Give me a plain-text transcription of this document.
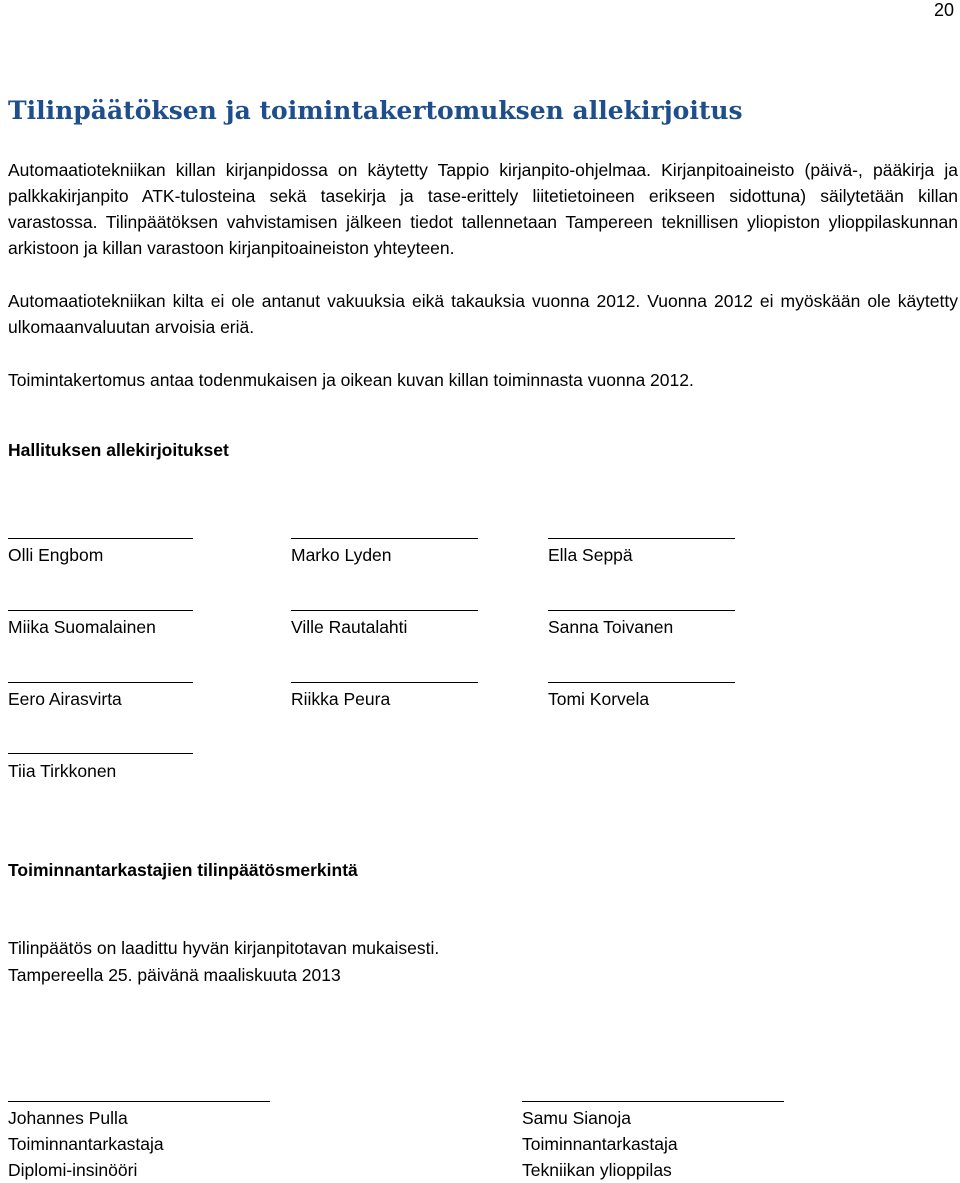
20
Tilinpäätöksen ja toimintakertomuksen allekirjoitus
Automaatiotekniikan killan kirjanpidossa on käytetty Tappio kirjanpito-ohjelmaa. Kirjanpitoaineisto (päivä-, pääkirja ja palkkakirjanpito ATK-tulosteina sekä tasekirja ja tase-erittely liitetietoineen erikseen sidottuna) säilytetään killan varastossa. Tilinpäätöksen vahvistamisen jälkeen tiedot tallennetaan Tampereen teknillisen yliopiston ylioppilaskunnan arkistoon ja killan varastoon kirjanpitoaineiston yhteyteen.
Automaatiotekniikan kilta ei ole antanut vakuuksia eikä takauksia vuonna 2012. Vuonna 2012 ei myöskään ole käytetty ulkomaanvaluutan arvoisia eriä.
Toimintakertomus antaa todenmukaisen ja oikean kuvan killan toiminnasta vuonna 2012.
Hallituksen allekirjoitukset
Olli Engbom	Marko Lyden	Ella Seppä
Miika Suomalainen	Ville Rautalahti	Sanna Toivanen
Eero Airasvirta	Riikka Peura	Tomi Korvela
Tiia Tirkkonen
Toiminnantarkastajien tilinpäätösmerkintä
Tilinpäätös on laadittu hyvän kirjanpitotavan mukaisesti.
Tampereella 25. päivänä maaliskuuta 2013
Johannes Pulla
Toiminnantarkastaja
Diplomi-insinööri
Samu Sianoja
Toiminnantarkastaja
Tekniikan ylioppilas
